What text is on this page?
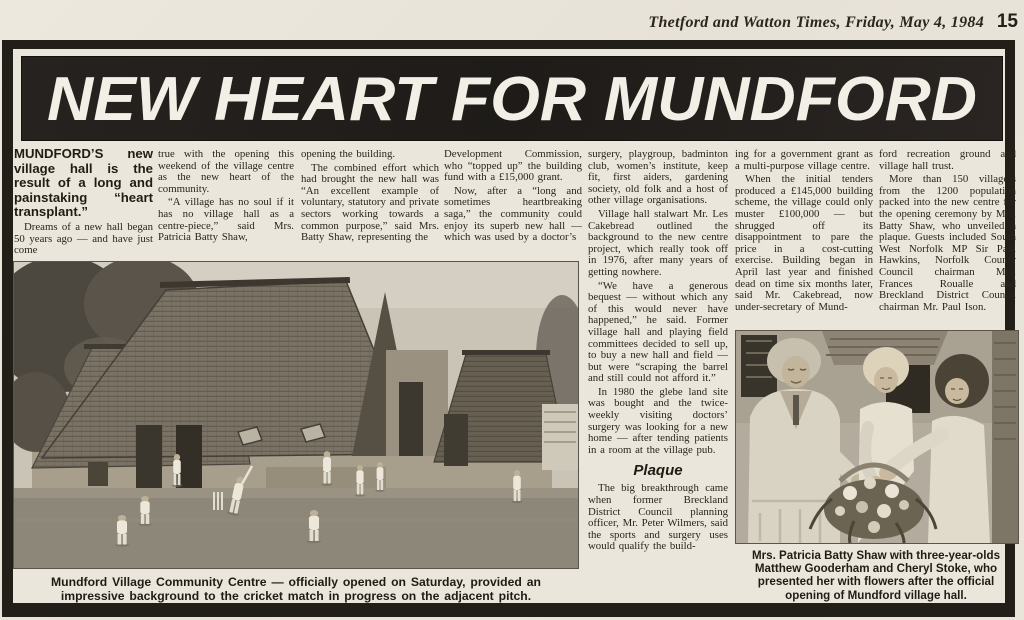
Thetford and Watton Times, Friday, May 4, 1984 15
NEW HEART FOR MUNDFORD

MUNDFORD’S new village hall is the result of a long and painstaking “heart transplant.”

Dreams of a new hall began 50 years ago — and have just come

true with the opening this weekend of the village centre as the new heart of the community.

“A village has no soul if it has no village hall as a centre-piece,” said Mrs. Patricia Batty Shaw,

opening the building.

The combined effort which had brought the new hall was “An excellent example of voluntary, statutory and private sectors working towards a common purpose,” said Mrs. Batty Shaw, representing the

Development Commission, who “topped up” the building fund with a £15,000 grant.

Now, after a “long and sometimes heartbreaking saga,” the community could enjoy its superb new hall — which was used by a doctor’s

surgery, playgroup, badminton club, women’s institute, keep fit, first aiders, gardening society, old folk and a host of other village organisations.

Village hall stalwart Mr. Les Cakebread outlined the background to the new centre project, which really took off in 1976, after many years of getting nowhere.

“We have a generous bequest — without which any of this would never have happened,” he said. Former village hall and playing field committees decided to sell up, to buy a new hall and field — but were “scraping the barrel and still could not afford it.”

In 1980 the glebe land site was bought and the twice-weekly visiting doctors’ surgery was looking for a new home — after tending patients in a room at the village pub.

Plaque

The big breakthrough came when former Breckland District Council planning officer, Mr. Peter Wilmers, said the sports and surgery uses would qualify the build-

ing for a government grant as a multi-purpose village centre.

When the initial tenders produced a £145,000 building scheme, the village could only muster £100,000 — but shrugged off its disappointment to pare the price in a cost-cutting exercise. Building began in April last year and finished dead on time six months later, said Mr. Cakebread, now under-secretary of Mund-

ford recreation ground and village hall trust.

More than 150 villagers from the 1200 population packed into the new centre for the opening ceremony by Mrs. Batty Shaw, who unveiled a plaque. Guests included South West Norfolk MP Sir Paul Hawkins, Norfolk County Council chairman Mrs. Frances Roualle and Breckland District Council chairman Mr. Paul Ison.

Mundford Village Community Centre — officially opened on Saturday, provided an impressive background to the cricket match in progress on the adjacent pitch.
Mrs. Patricia Batty Shaw with three-year-olds Matthew Gooderham and Cheryl Stoke, who presented her with flowers after the official opening of Mundford village hall.
